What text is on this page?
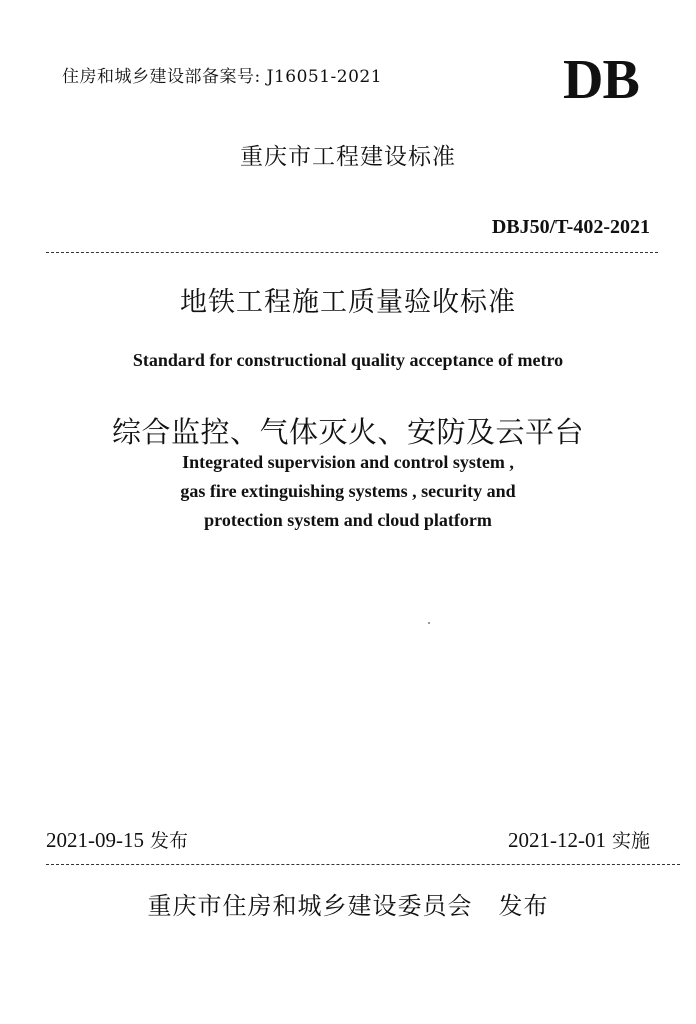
住房和城乡建设部备案号: J16051-2021	DB
重庆市工程建设标准
DBJ50/T-402-2021
地铁工程施工质量验收标准
Standard for constructional quality acceptance of metro
综合监控、气体灭火、安防及云平台
Integrated supervision and control system ,
gas fire extinguishing systems , security and
protection system and cloud platform
2021-09-15 发布	2021-12-01 实施
重庆市住房和城乡建设委员会 发布
